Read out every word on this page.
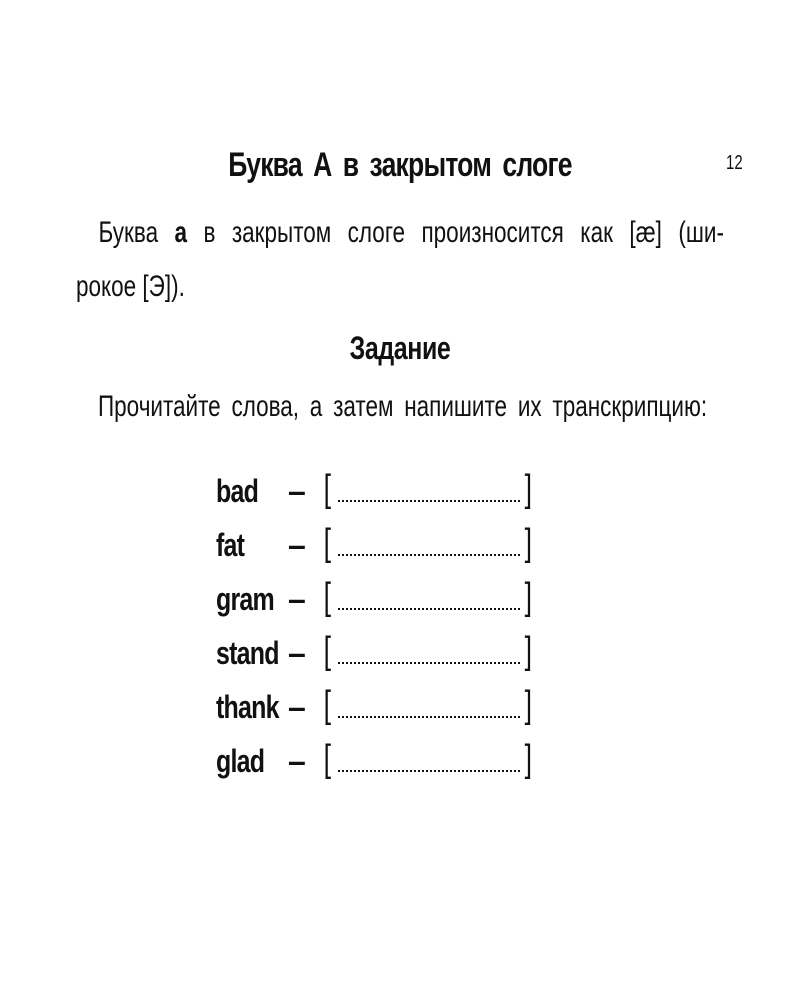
12
Буква А в закрытом слоге
Буква а в закрытом слоге произносится как [æ] (ши-
рокое [Э]).
Задание
Прочитайте слова, а затем напишите их транскрипцию:
bad – [	]
fat – [	]
gram – [	]
stand – [	]
thank – [	]
glad – [	]
